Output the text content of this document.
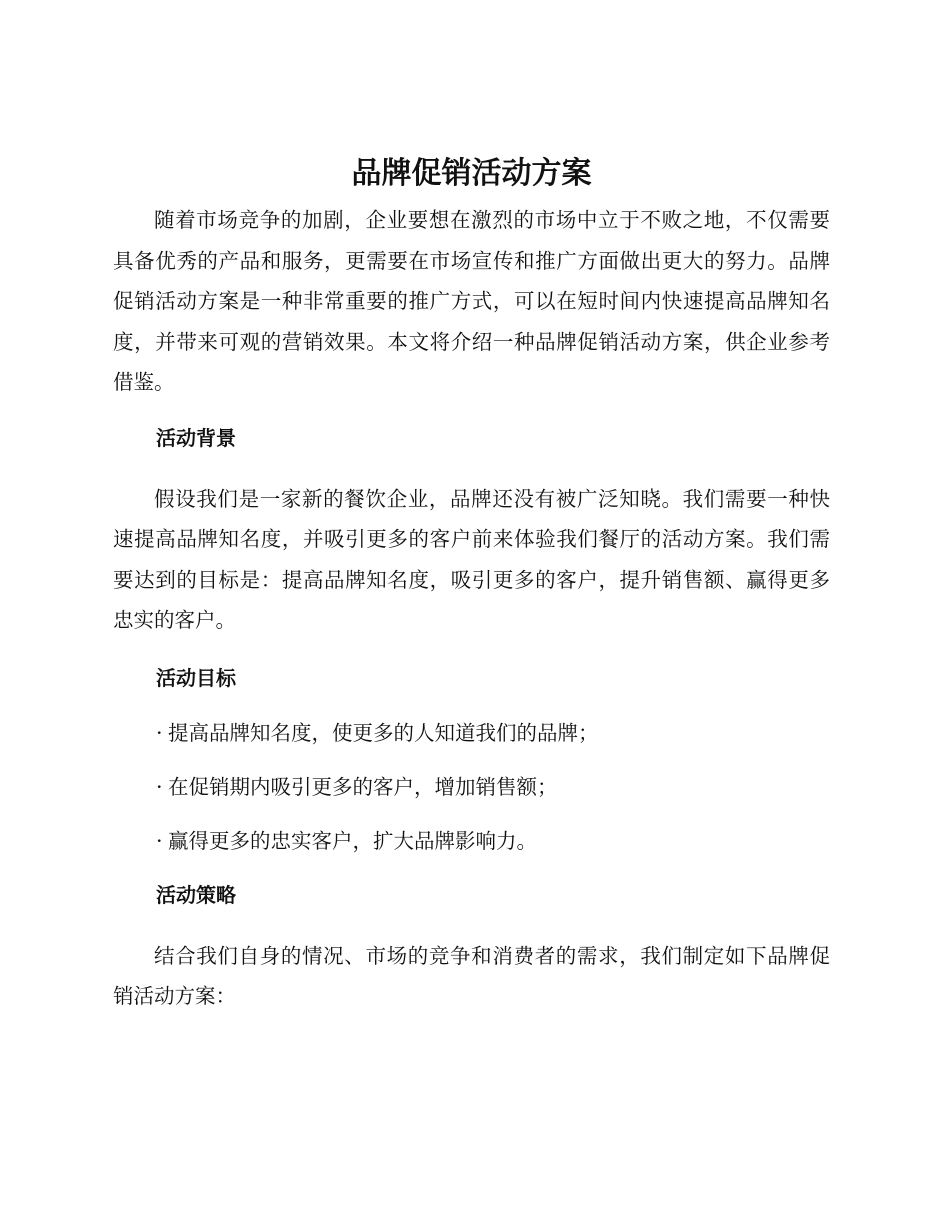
品牌促销活动方案

随着市场竞争的加剧，企业要想在激烈的市场中立于不败之地，不仅需要具备优秀的产品和服务，更需要在市场宣传和推广方面做出更大的努力。品牌促销活动方案是一种非常重要的推广方式，可以在短时间内快速提高品牌知名度，并带来可观的营销效果。本文将介绍一种品牌促销活动方案，供企业参考借鉴。

活动背景

假设我们是一家新的餐饮企业，品牌还没有被广泛知晓。我们需要一种快速提高品牌知名度，并吸引更多的客户前来体验我们餐厅的活动方案。我们需要达到的目标是：提高品牌知名度，吸引更多的客户，提升销售额、赢得更多忠实的客户。

活动目标
· 提高品牌知名度，使更多的人知道我们的品牌；
· 在促销期内吸引更多的客户，增加销售额；
· 赢得更多的忠实客户，扩大品牌影响力。
活动策略

结合我们自身的情况、市场的竞争和消费者的需求，我们制定如下品牌促销活动方案：
